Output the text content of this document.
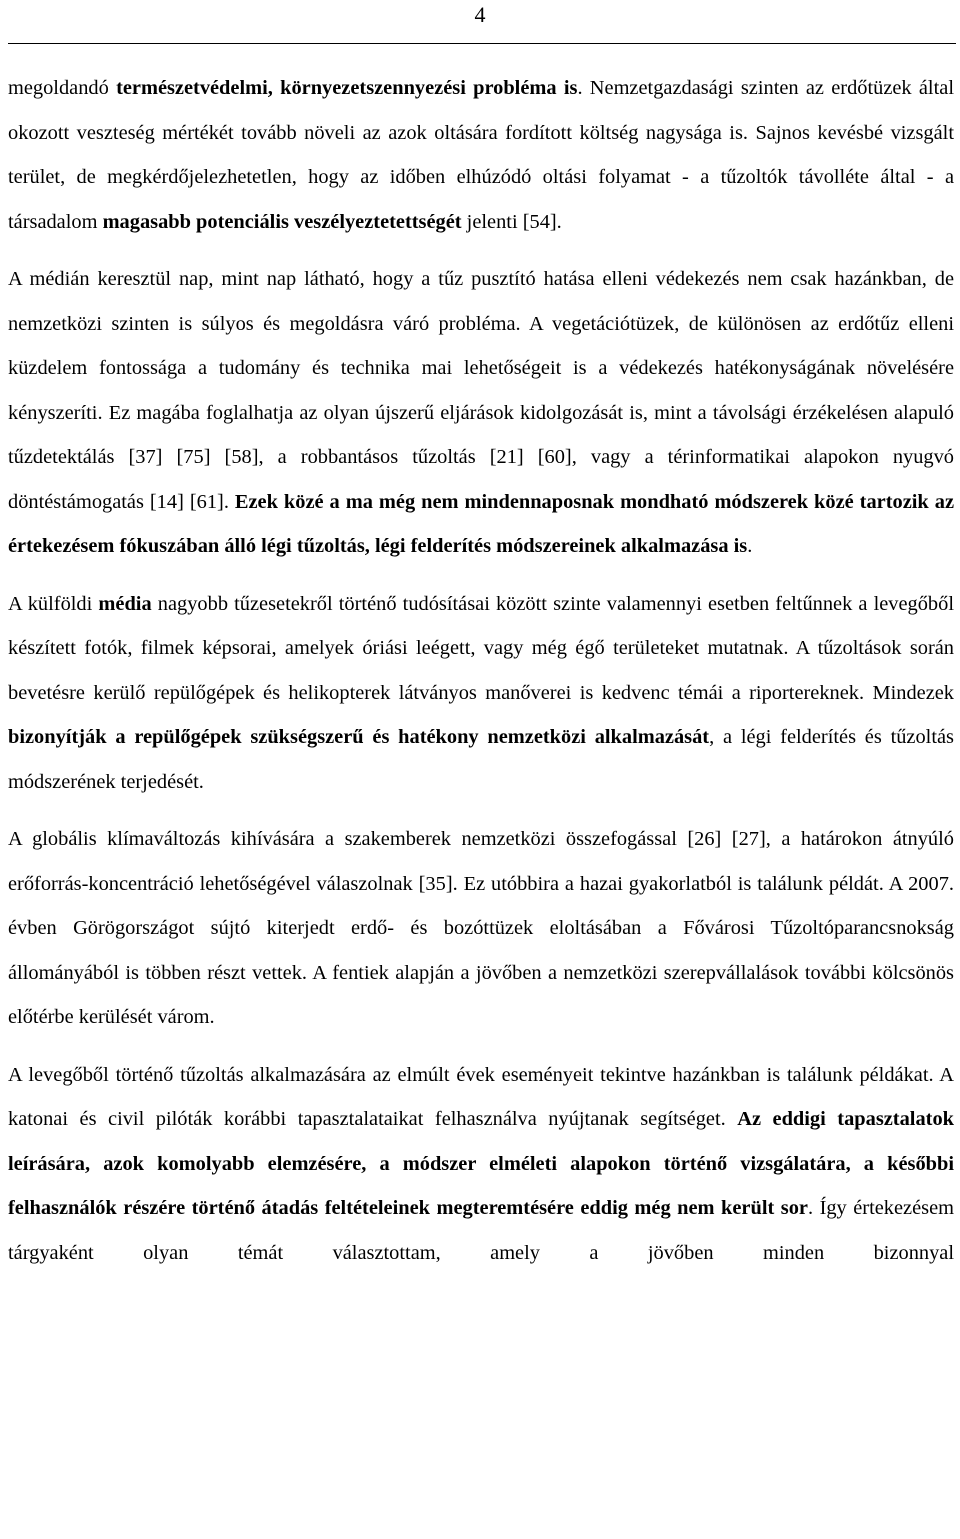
4

megoldandó természetvédelmi, környezetszennyezési probléma is. Nemzetgazdasági szinten az erdőtüzek által okozott veszteség mértékét tovább növeli az azok oltására fordított költség nagysága is. Sajnos kevésbé vizsgált terület, de megkérdőjelezhetetlen, hogy az időben elhúzódó oltási folyamat - a tűzoltók távolléte által - a társadalom magasabb potenciális veszélyeztetettségét jelenti [54].

A médián keresztül nap, mint nap látható, hogy a tűz pusztító hatása elleni védekezés nem csak hazánkban, de nemzetközi szinten is súlyos és megoldásra váró probléma. A vegetációtüzek, de különösen az erdőtűz elleni küzdelem fontossága a tudomány és technika mai lehetőségeit is a védekezés hatékonyságának növelésére kényszeríti. Ez magába foglalhatja az olyan újszerű eljárások kidolgozását is, mint a távolsági érzékelésen alapuló tűzdetektálás [37] [75] [58], a robbantásos tűzoltás [21] [60], vagy a térinformatikai alapokon nyugvó döntéstámogatás [14] [61]. Ezek közé a ma még nem mindennaposnak mondható módszerek közé tartozik az értekezésem fókuszában álló légi tűzoltás, légi felderítés módszereinek alkalmazása is.

A külföldi média nagyobb tűzesetekről történő tudósításai között szinte valamennyi esetben feltűnnek a levegőből készített fotók, filmek képsorai, amelyek óriási leégett, vagy még égő területeket mutatnak. A tűzoltások során bevetésre kerülő repülőgépek és helikopterek látványos manőverei is kedvenc témái a riportereknek. Mindezek bizonyítják a repülőgépek szükségszerű és hatékony nemzetközi alkalmazását, a légi felderítés és tűzoltás módszerének terjedését.

A globális klímaváltozás kihívására a szakemberek nemzetközi összefogással [26] [27], a határokon átnyúló erőforrás-koncentráció lehetőségével válaszolnak [35]. Ez utóbbira a hazai gyakorlatból is találunk példát. A 2007. évben Görögországot sújtó kiterjedt erdő- és bozóttüzek eloltásában a Fővárosi Tűzoltóparancsnokság állományából is többen részt vettek. A fentiek alapján a jövőben a nemzetközi szerepvállalások további kölcsönös előtérbe kerülését várom.

A levegőből történő tűzoltás alkalmazására az elmúlt évek eseményeit tekintve hazánkban is találunk példákat. A katonai és civil pilóták korábbi tapasztalataikat felhasználva nyújtanak segítséget. Az eddigi tapasztalatok leírására, azok komolyabb elemzésére, a módszer elméleti alapokon történő vizsgálatára, a későbbi felhasználók részére történő átadás feltételeinek megteremtésére eddig még nem került sor. Így értekezésem tárgyaként olyan témát választottam, amely a jövőben minden bizonnyal
